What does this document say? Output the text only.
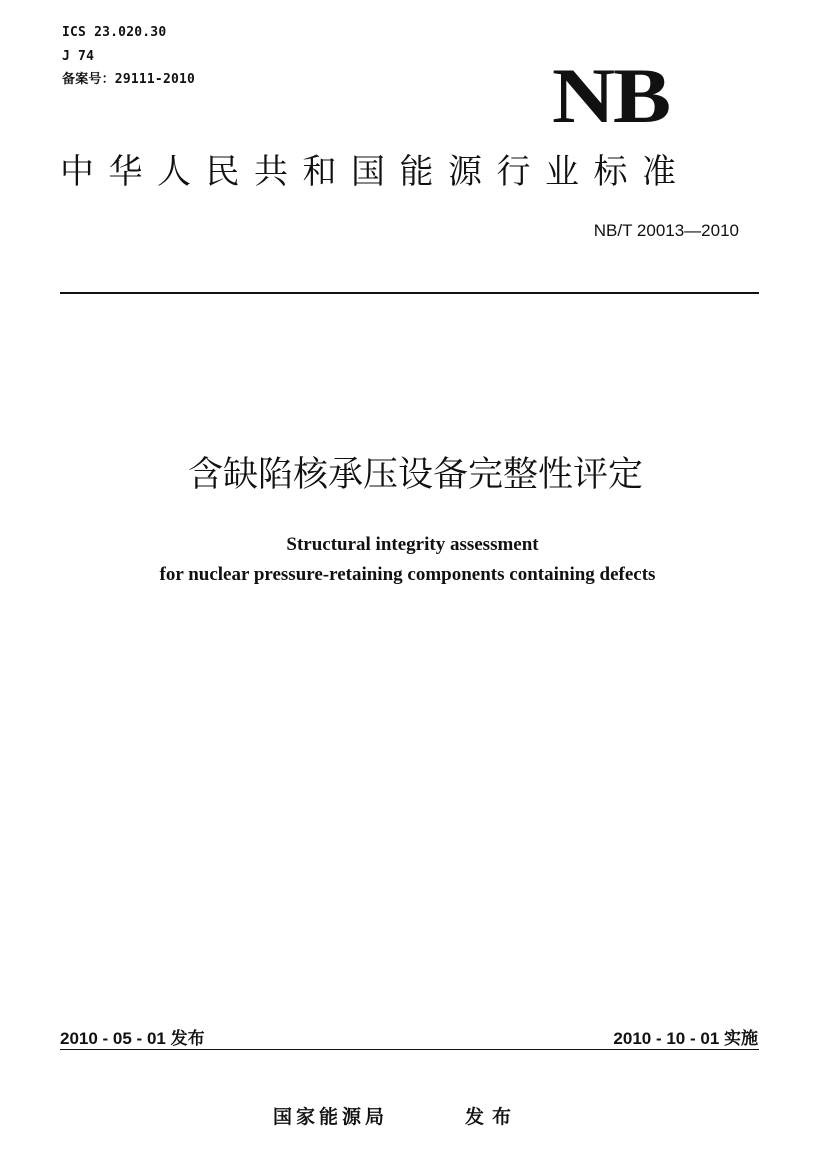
ICS 23.020.30
J 74
备案号：29111-2010	NB
中华人民共和国能源行业标准
NB/T 20013—2010
含缺陷核承压设备完整性评定
Structural integrity assessment
for nuclear pressure-retaining components containing defects
2010 - 05 - 01 发布	2010 - 10 - 01 实施
国家能源局	发布
